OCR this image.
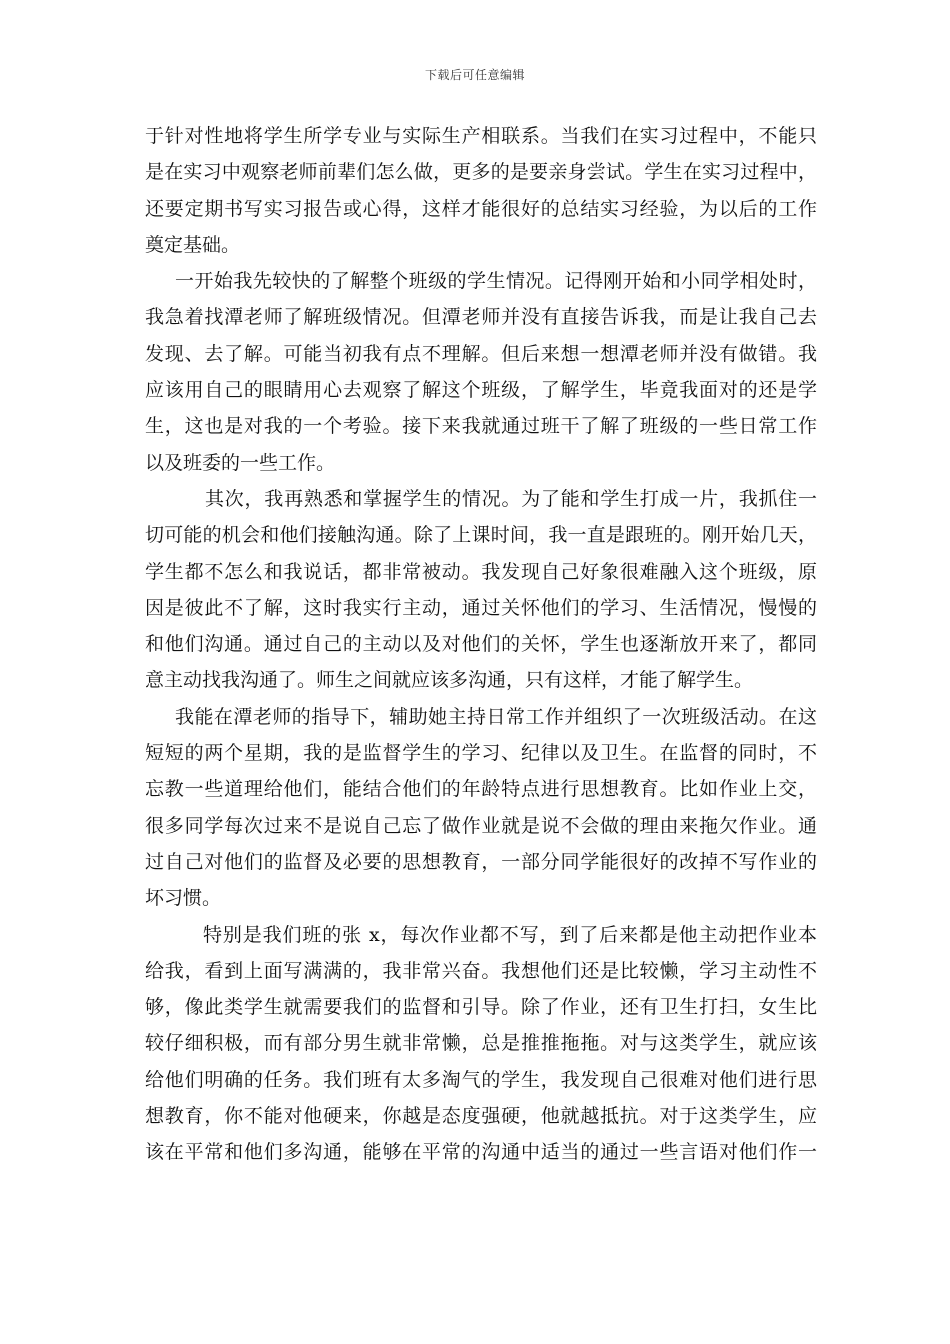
下载后可任意编辑
于针对性地将学生所学专业与实际生产相联系。当我们在实习过程中，不能只
是在实习中观察老师前辈们怎么做，更多的是要亲身尝试。学生在实习过程中，
还要定期书写实习报告或心得，这样才能很好的总结实习经验，为以后的工作
奠定基础。
一开始我先较快的了解整个班级的学生情况。记得刚开始和小同学相处时，
我急着找潭老师了解班级情况。但潭老师并没有直接告诉我，而是让我自己去
发现、去了解。可能当初我有点不理解。但后来想一想潭老师并没有做错。我
应该用自己的眼睛用心去观察了解这个班级，了解学生，毕竟我面对的还是学
生，这也是对我的一个考验。接下来我就通过班干了解了班级的一些日常工作
以及班委的一些工作。
其次，我再熟悉和掌握学生的情况。为了能和学生打成一片，我抓住一
切可能的机会和他们接触沟通。除了上课时间，我一直是跟班的。刚开始几天，
学生都不怎么和我说话，都非常被动。我发现自己好象很难融入这个班级，原
因是彼此不了解，这时我实行主动，通过关怀他们的学习、生活情况，慢慢的
和他们沟通。通过自己的主动以及对他们的关怀，学生也逐渐放开来了，都同
意主动找我沟通了。师生之间就应该多沟通，只有这样，才能了解学生。
我能在潭老师的指导下，辅助她主持日常工作并组织了一次班级活动。在这
短短的两个星期，我的是监督学生的学习、纪律以及卫生。在监督的同时，不
忘教一些道理给他们，能结合他们的年龄特点进行思想教育。比如作业上交，
很多同学每次过来不是说自己忘了做作业就是说不会做的理由来拖欠作业。通
过自己对他们的监督及必要的思想教育，一部分同学能很好的改掉不写作业的
坏习惯。
特别是我们班的张 x，每次作业都不写，到了后来都是他主动把作业本
给我，看到上面写满满的，我非常兴奋。我想他们还是比较懒，学习主动性不
够，像此类学生就需要我们的监督和引导。除了作业，还有卫生打扫，女生比
较仔细积极，而有部分男生就非常懒，总是推推拖拖。对与这类学生，就应该
给他们明确的任务。我们班有太多淘气的学生，我发现自己很难对他们进行思
想教育，你不能对他硬来，你越是态度强硬，他就越抵抗。对于这类学生，应
该在平常和他们多沟通，能够在平常的沟通中适当的通过一些言语对他们作一
